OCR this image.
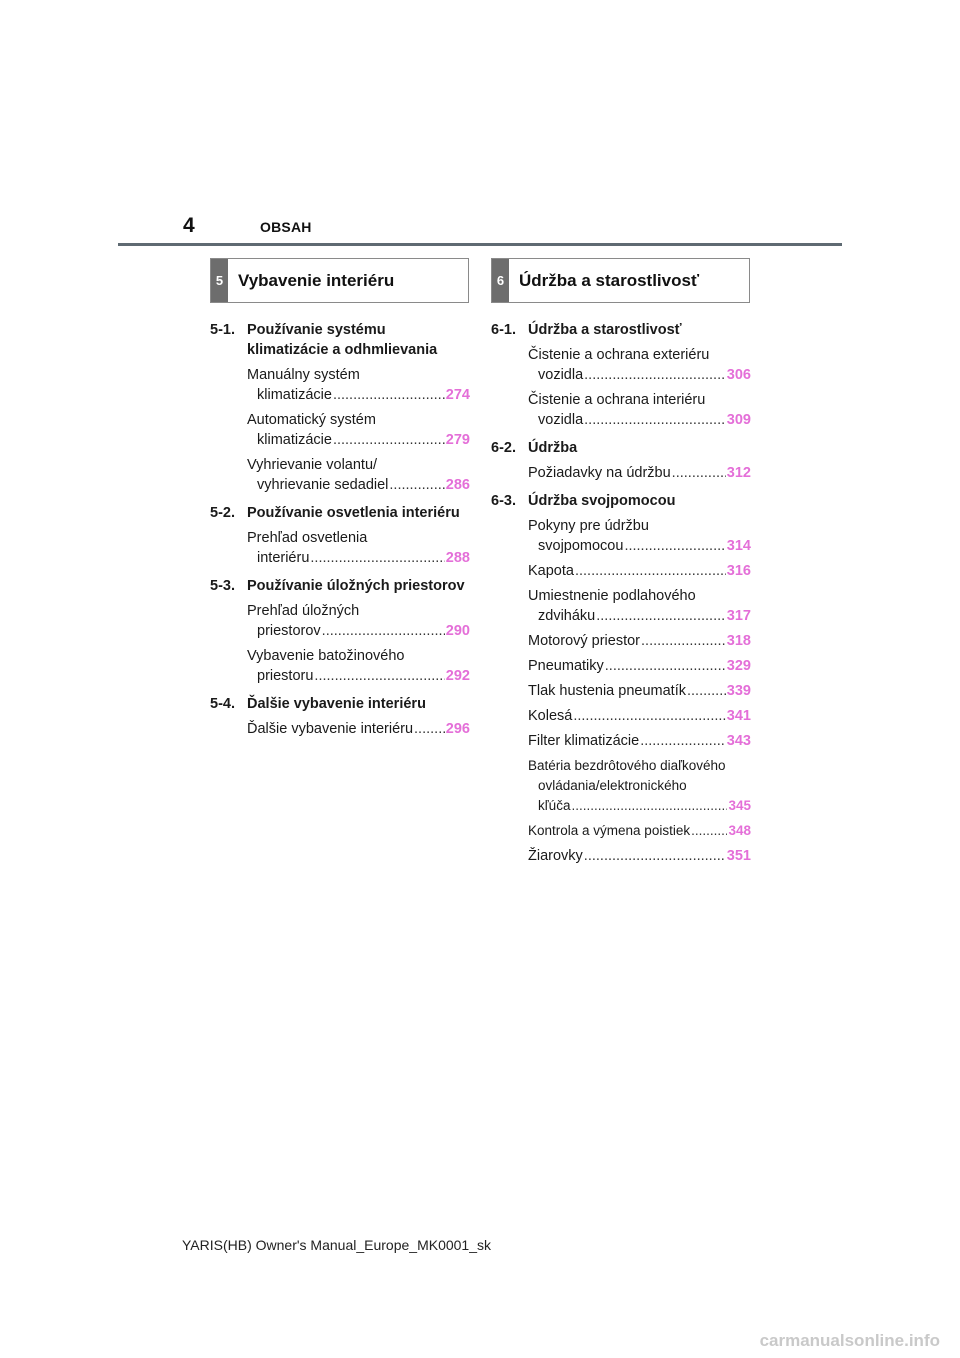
4	OBSAH
5 Vybavenie interiéru	6 Údržba a starostlivosť
5-1. Používanie systému klimatizácie a odhmlievania
Manuálny systém
klimatizácie .....	274
Automatický systém
klimatizácie .....	279
Vyhrievanie volantu/
vyhrievanie sedadiel .....	286
5-2. Používanie osvetlenia interiéru
Prehľad osvetlenia
interiéru .....	288
5-3. Používanie úložných priestorov
Prehľad úložných
priestorov .....	290
Vybavenie batožinového
priestoru .....	292
5-4. Ďalšie vybavenie interiéru
Ďalšie vybavenie interiéru ..... 296
6-1. Údržba a starostlivosť
Čistenie a ochrana exteriéru
vozidla .....	306
Čistenie a ochrana interiéru
vozidla .....	309
6-2. Údržba
Požiadavky na údržbu .....	312
6-3. Údržba svojpomocou
Pokyny pre údržbu
svojpomocou .....	314
Kapota .....	316
Umiestnenie podlahového
zdviháku .....	317
Motorový priestor .....	318
Pneumatiky .....	329
Tlak hustenia pneumatík .....	339
Kolesá .....	341
Filter klimatizácie .....	343
Batéria bezdrôtového diaľkového
ovládania/elektronického
kľúča .....	345
Kontrola a výmena poistiek .....	348
Žiarovky .....	351
YARIS(HB) Owner's Manual_Europe_MK0001_sk
carmanualsonline.info
